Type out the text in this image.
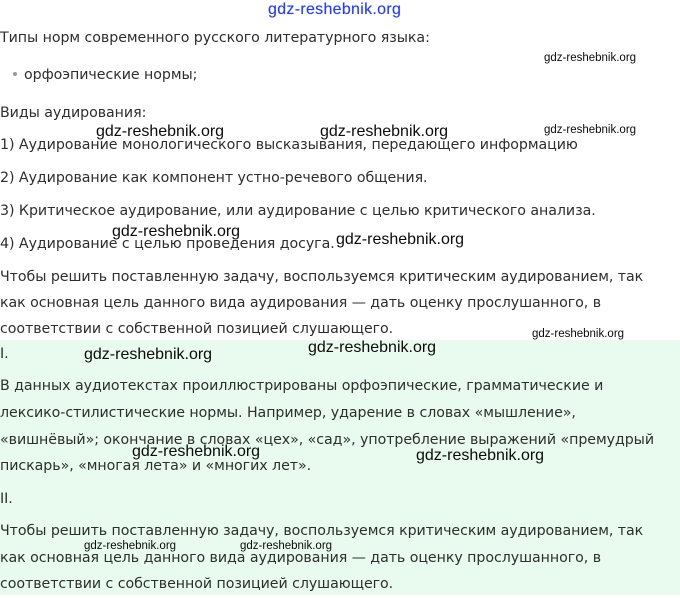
gdz-reshebnik.org

Типы норм современного русского литературного языка:

орфоэпические нормы;

Виды аудирования:

1) Аудирование монологического высказывания, передающего информацию

2) Аудирование как компонент устно-речевого общения.

3) Критическое аудирование, или аудирование с целью критического анализа.

4) Аудирование с целью проведения досуга.

Чтобы решить поставленную задачу, воспользуемся критическим аудированием, так

как основная цель данного вида аудирования — дать оценку прослушанного, в

соответствии с собственной позицией слушающего.

I.

В данных аудиотекстах проиллюстрированы орфоэпические, грамматические и

лексико-стилистические нормы. Например, ударение в словах «мышление»,

«вишнёвый»; окончание в словах «цех», «сад», употребление выражений «премудрый

пискарь», «многая лета» и «многих лет».

II.

Чтобы решить поставленную задачу, воспользуемся критическим аудированием, так

как основная цель данного вида аудирования — дать оценку прослушанного, в

соответствии с собственной позицией слушающего.

gdz-reshebnik.org
gdz-reshebnik.org	gdz-reshebnik.org	gdz-reshebnik.org
gdz-reshebnik.org	gdz-reshebnik.org
gdz-reshebnik.org
gdz-reshebnik.org
gdz-reshebnik.org
gdz-reshebnik.org	gdz-reshebnik.org
gdz-reshebnik.org	gdz-reshebnik.org
